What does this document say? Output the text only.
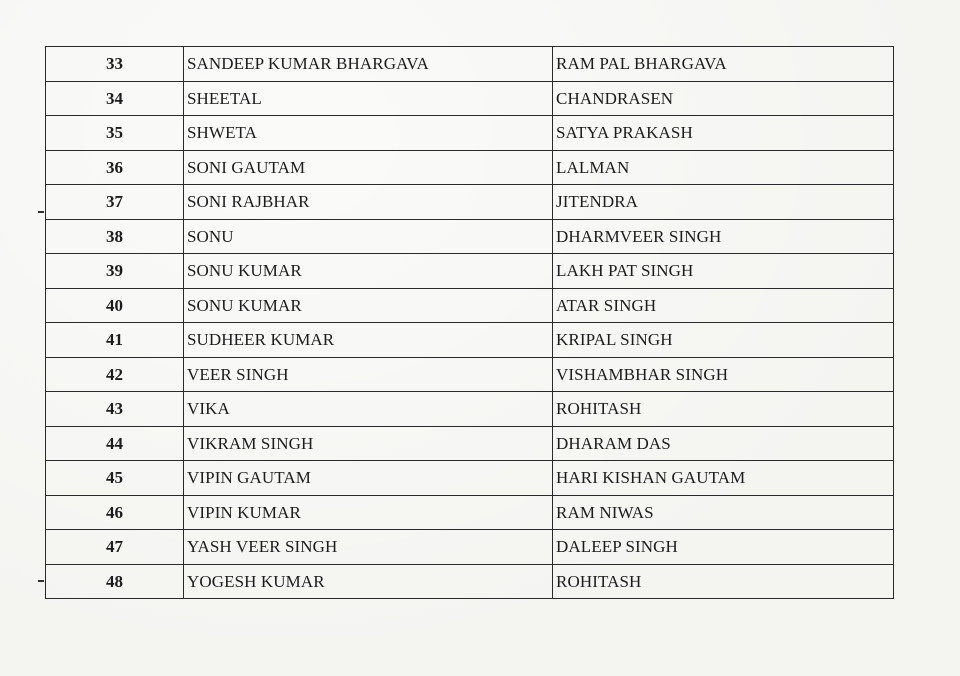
33	SANDEEP KUMAR BHARGAVA	RAM PAL BHARGAVA
34	SHEETAL	CHANDRASEN
35	SHWETA	SATYA PRAKASH
36	SONI GAUTAM	LALMAN
37	SONI RAJBHAR	JITENDRA
38	SONU	DHARMVEER SINGH
39	SONU KUMAR	LAKH PAT SINGH
40	SONU KUMAR	ATAR SINGH
41	SUDHEER KUMAR	KRIPAL SINGH
42	VEER SINGH	VISHAMBHAR SINGH
43	VIKA	ROHITASH
44	VIKRAM SINGH	DHARAM DAS
45	VIPIN GAUTAM	HARI KISHAN GAUTAM
46	VIPIN KUMAR	RAM NIWAS
47	YASH VEER SINGH	DALEEP SINGH
48	YOGESH KUMAR	ROHITASH
